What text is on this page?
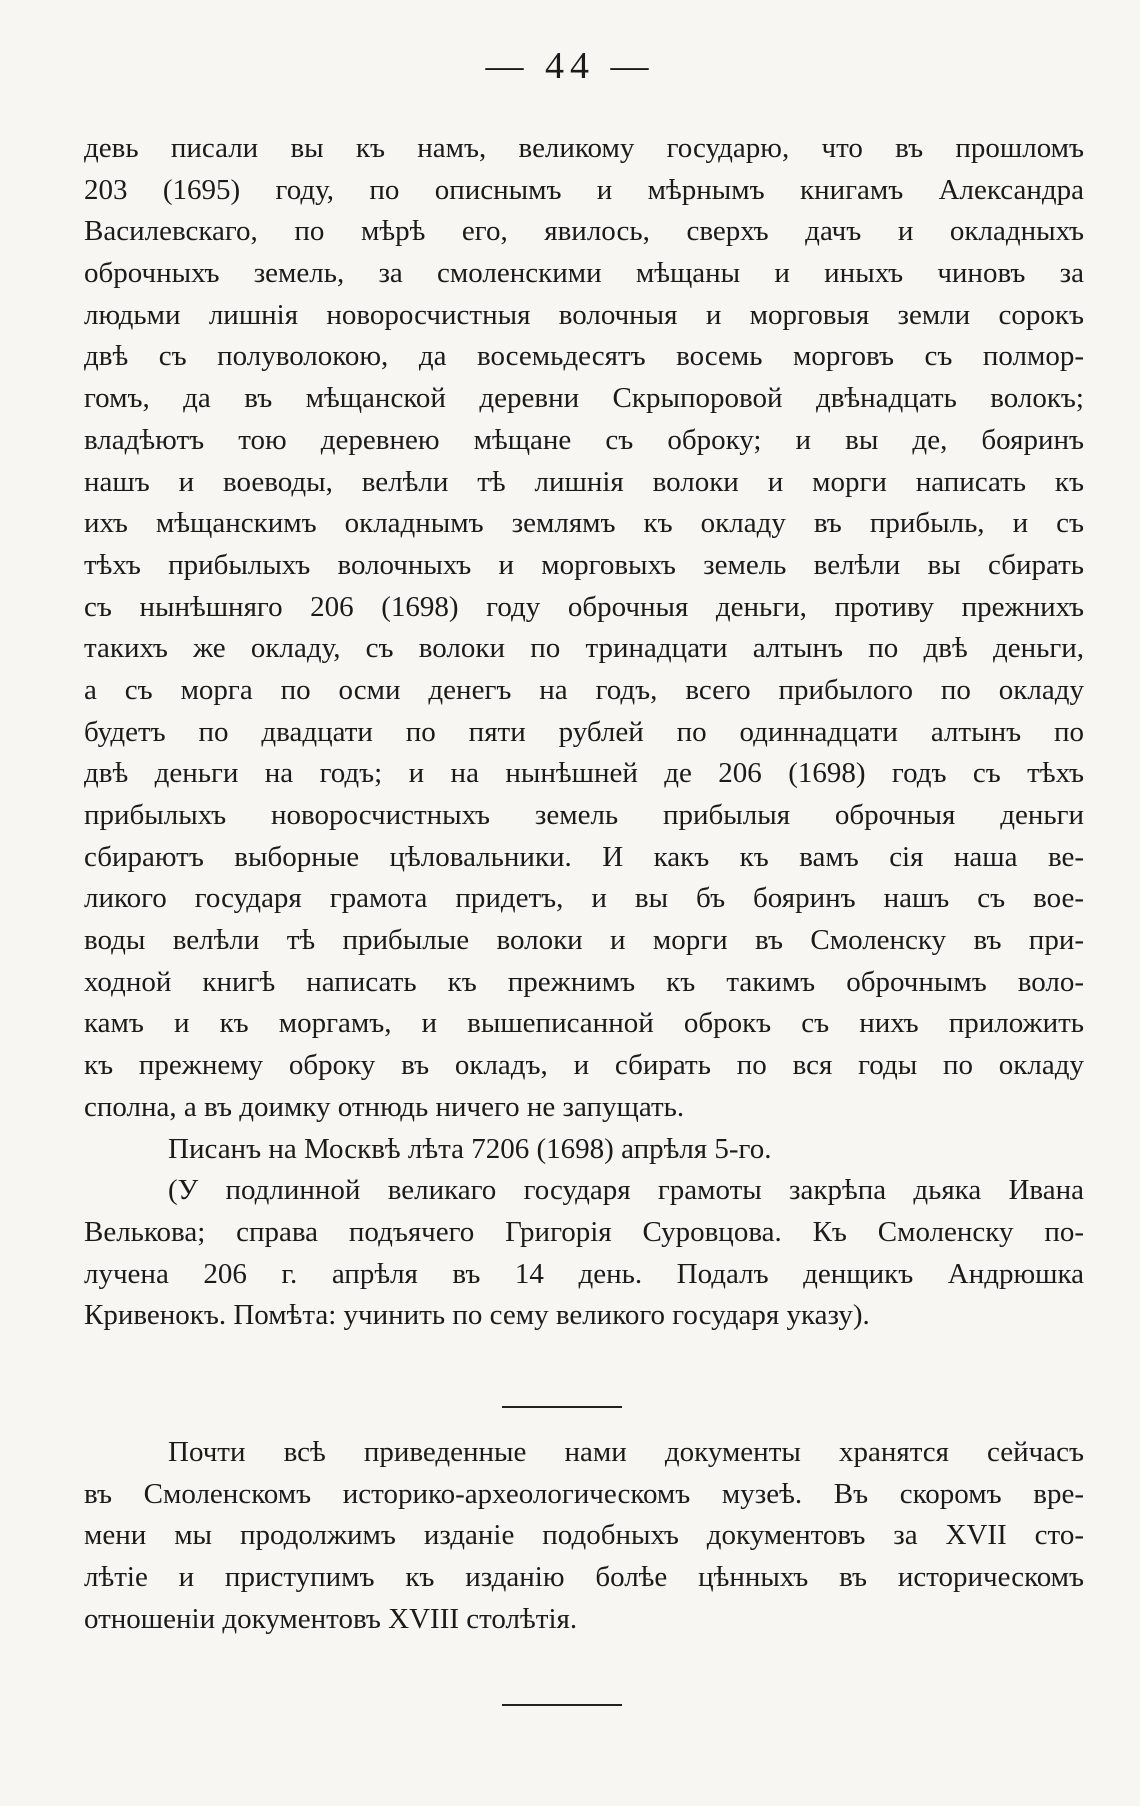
— 44 —
девь писали вы къ намъ, великому государю, что въ прошломъ
203 (1695) году, по описнымъ и мѣрнымъ книгамъ Александра
Василевскаго, по мѣрѣ его, явилось, сверхъ дачъ и окладныхъ
оброчныхъ земель, за смоленскими мѣщаны и иныхъ чиновъ за
людьми лишнія новоросчистныя волочныя и морговыя земли сорокъ
двѣ съ полуволокою, да восемьдесятъ восемь морговъ съ полмор-
гомъ, да въ мѣщанской деревни Скрыпоровой двѣнадцать волокъ;
владѣютъ тою деревнею мѣщане съ оброку; и вы де, бояринъ
нашъ и воеводы, велѣли тѣ лишнія волоки и морги написать къ
ихъ мѣщанскимъ окладнымъ землямъ къ окладу въ прибыль, и съ
тѣхъ прибылыхъ волочныхъ и морговыхъ земель велѣли вы сбирать
съ нынѣшняго 206 (1698) году оброчныя деньги, противу прежнихъ
такихъ же окладу, съ волоки по тринадцати алтынъ по двѣ деньги,
а съ морга по осми денегъ на годъ, всего прибылого по окладу
будетъ по двадцати по пяти рублей по одиннадцати алтынъ по
двѣ деньги на годъ; и на нынѣшней де 206 (1698) годъ съ тѣхъ
прибылыхъ новоросчистныхъ земель прибылыя оброчныя деньги
сбираютъ выборные цѣловальники. И какъ къ вамъ сія наша ве-
ликого государя грамота придетъ, и вы бъ бояринъ нашъ съ вое-
воды велѣли тѣ прибылые волоки и морги въ Смоленску въ при-
ходной книгѣ написать къ прежнимъ къ такимъ оброчнымъ воло-
камъ и къ моргамъ, и вышеписанной оброкъ съ нихъ приложить
къ прежнему оброку въ окладъ, и сбирать по вся годы по окладу
сполна, а въ доимку отнюдь ничего не запущать.
Писанъ на Москвѣ лѣта 7206 (1698) апрѣля 5-го.
(У подлинной великаго государя грамоты закрѣпа дьяка Ивана
Велькова; справа подъячего Григорія Суровцова. Къ Смоленску по-
лучена 206 г. апрѣля въ 14 день. Подалъ денщикъ Андрюшка
Кривенокъ. Помѣта: учинить по сему великого государя указу).
Почти всѣ приведенные нами документы хранятся сейчасъ
въ Смоленскомъ историко-археологическомъ музеѣ. Въ скоромъ вре-
мени мы продолжимъ изданіе подобныхъ документовъ за XVII сто-
лѣтіе и приступимъ къ изданію болѣе цѣнныхъ въ историческомъ
отношеніи документовъ XVIII столѣтія.
